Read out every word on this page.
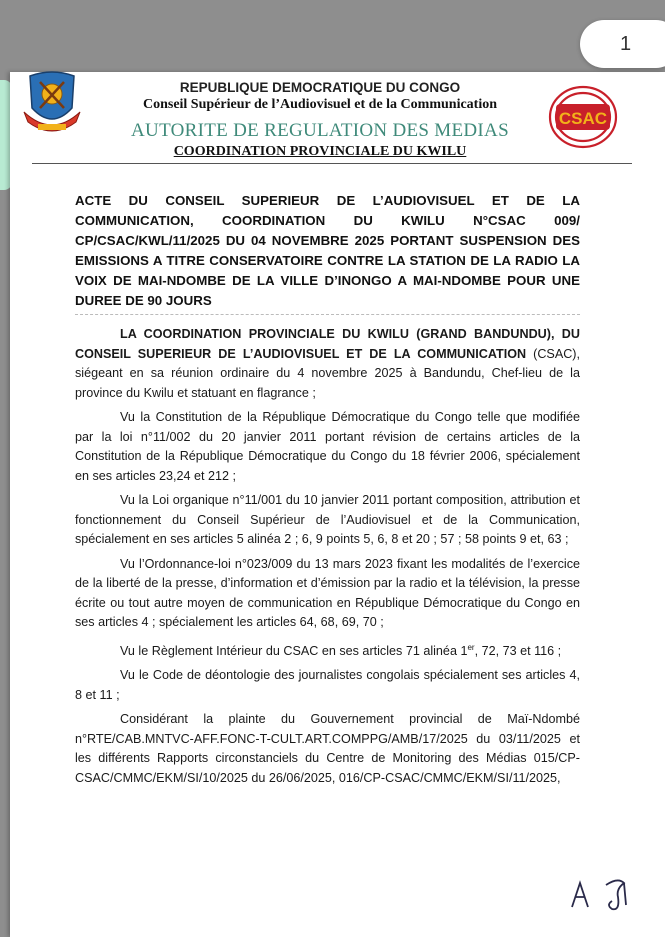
1
CSAC
REPUBLIQUE DEMOCRATIQUE DU CONGO
Conseil Supérieur de l’Audiovisuel et de la Communication
AUTORITE DE REGULATION DES MEDIAS
COORDINATION PROVINCIALE DU KWILU
ACTE DU CONSEIL SUPERIEUR DE L’AUDIOVISUEL ET DE LA COMMUNICATION, COORDINATION DU KWILU N°CSAC 009/ CP/CSAC/KWL/11/2025 DU 04 NOVEMBRE 2025 PORTANT SUSPENSION DES EMISSIONS A TITRE CONSERVATOIRE CONTRE LA STATION DE LA RADIO LA VOIX DE MAI-NDOMBE DE LA VILLE D’INONGO A MAI-NDOMBE POUR UNE DUREE DE 90 JOURS

LA COORDINATION PROVINCIALE DU KWILU (GRAND BANDUNDU), DU CONSEIL SUPERIEUR DE L’AUDIOVISUEL ET DE LA COMMUNICATION (CSAC), siégeant en sa réunion ordinaire du 4 novembre 2025 à Bandundu, Chef-lieu de la province du Kwilu et statuant en flagrance ;

Vu la Constitution de la République Démocratique du Congo telle que modifiée par la loi n°11/002 du 20 janvier 2011 portant révision de certains articles de la Constitution de la République Démocratique du Congo du 18 février 2006, spécialement en ses articles 23,24 et 212 ;

Vu la Loi organique n°11/001 du 10 janvier 2011 portant composition, attribution et fonctionnement du Conseil Supérieur de l’Audiovisuel et de la Communication, spécialement en ses articles 5 alinéa 2 ; 6, 9 points 5, 6, 8 et 20 ; 57 ; 58 points 9 et, 63 ;

Vu l’Ordonnance-loi n°023/009 du 13 mars 2023 fixant les modalités de l’exercice de la liberté de la presse, d’information et d’émission par la radio et la télévision, la presse écrite ou tout autre moyen de communication en République Démocratique du Congo en ses articles 4 ; spécialement les articles 64, 68, 69, 70 ;

Vu le Règlement Intérieur du CSAC en ses articles 71 alinéa 1er, 72, 73 et 116 ;

Vu le Code de déontologie des journalistes congolais spécialement ses articles 4, 8 et 11 ;

Considérant la plainte du Gouvernement provincial de Maï-Ndombé n°RTE/CAB.MNTVC-AFF.FONC-T-CULT.ART.COMPPG/AMB/17/2025 du 03/11/2025 et les différents Rapports circonstanciels du Centre de Monitoring des Médias 015/CP-CSAC/CMMC/EKM/SI/10/2025 du 26/06/2025, 016/CP-CSAC/CMMC/EKM/SI/11/2025,
